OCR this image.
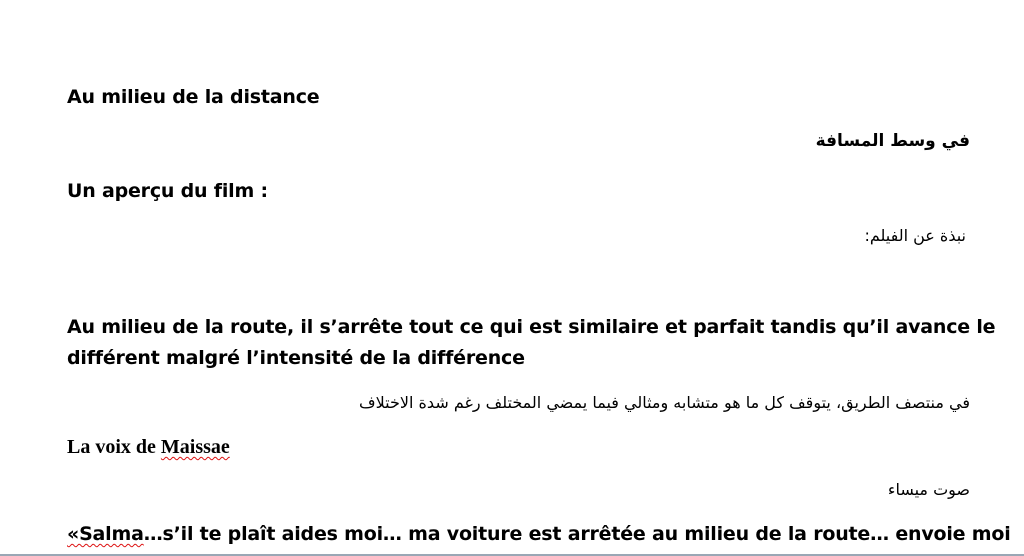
Au milieu de la distance
في وسط المسافة
Un aperçu du film :
نبذة عن الفيلم:
Au milieu de la route, il s’arrête tout ce qui est similaire et parfait tandis qu’il avance le
différent malgré l’intensité de la différence
في منتصف الطريق، يتوقف كل ما هو متشابه ومثالي فيما يمضي المختلف رغم شدة الاختلاف
La voix de Maissae
صوت ميساء
«Salma…s’il te plaît aides moi… ma voiture est arrêtée au milieu de la route… envoie moi
